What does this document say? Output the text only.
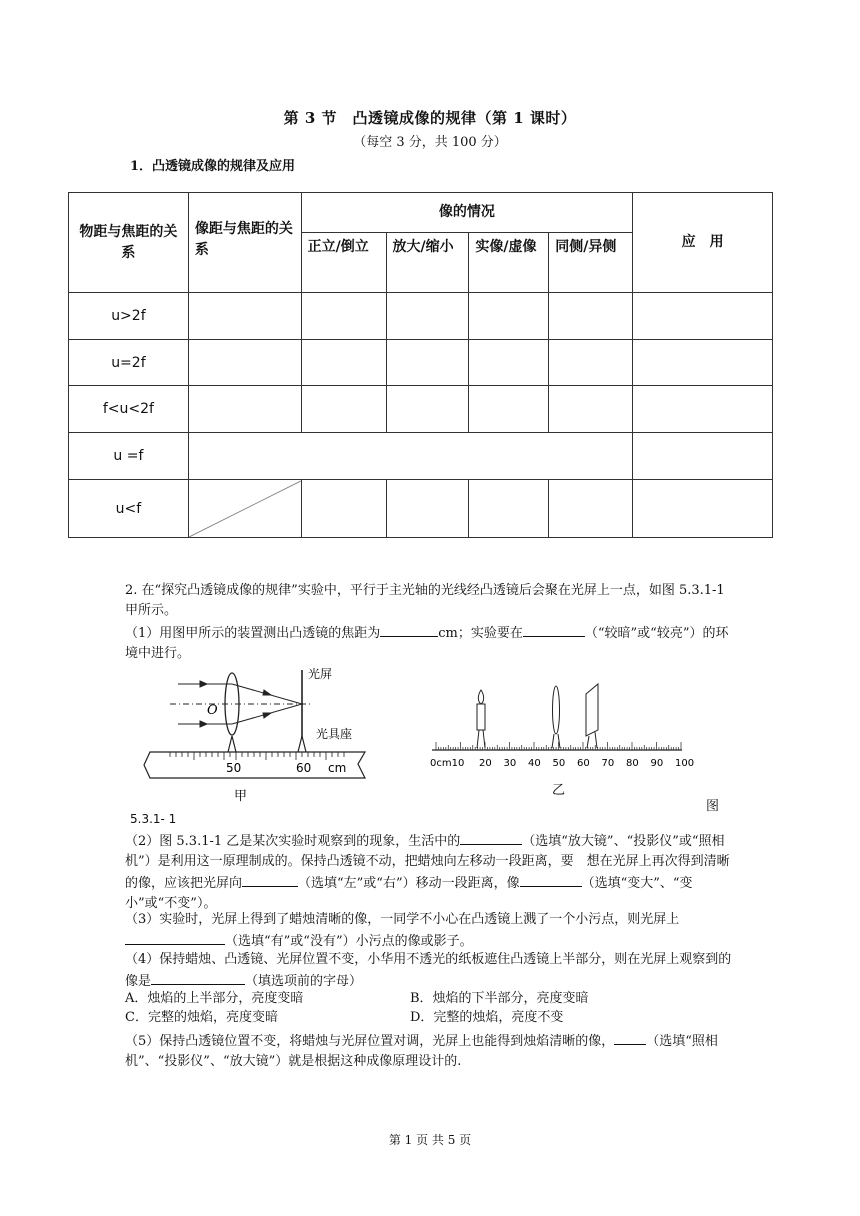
第 3 节　凸透镜成像的规律（第 1 课时）
（每空 3 分，共 100 分）
1．凸透镜成像的规律及应用
物距与焦距的关系	像距与焦距的关系	像的情况				应　用
		正立/倒立	放大/缩小	实像/虚像	同侧/异侧	
u>2f						
u=2f						
f<u<2f						
u =f						
u<f	

2. 在“探究凸透镜成像的规律”实验中，平行于主光轴的光线经凸透镜后会聚在光屏上一点，如图 5.3.1-1 甲所示。
（1）用图甲所示的装置测出凸透镜的焦距为	cm；实验要在	（“较暗”或“较亮”）的环境中进行。
O
光屏
光具座
50	60 cm
甲
0cm10 20 30 40 50 60 70 80 90 100
乙
图
5.3.1- 1
（2）图 5.3.1-1 乙是某次实验时观察到的现象，生活中的	（选填“放大镜”、“投影仪”或“照相机”）是利用这一原理制成的。保持凸透镜不动，把蜡烛向左移动一段距离，要　想在光屏上再次得到清晰的像，应该把光屏向	（选填“左”或“右”）移动一段距离，像	（选填“变大”、“变小”或“不变”）。
（3）实验时，光屏上得到了蜡烛清晰的像，一同学不小心在凸透镜上溅了一个小污点，则光屏上（选填“有”或“没有”）小污点的像或影子。
（4）保持蜡烛、凸透镜、光屏位置不变，小华用不透光的纸板遮住凸透镜上半部分，则在光屏上观察到的像是	（填选项前的字母）
A．烛焰的上半部分，亮度变暗	B．烛焰的下半部分，亮度变暗
C．完整的烛焰，亮度变暗	D．完整的烛焰，亮度不变
（5）保持凸透镜位置不变，将蜡烛与光屏位置对调，光屏上也能得到烛焰清晰的像， （选填“照相机”、“投影仪”、“放大镜”）就是根据这种成像原理设计的.
第 1 页 共 5 页
